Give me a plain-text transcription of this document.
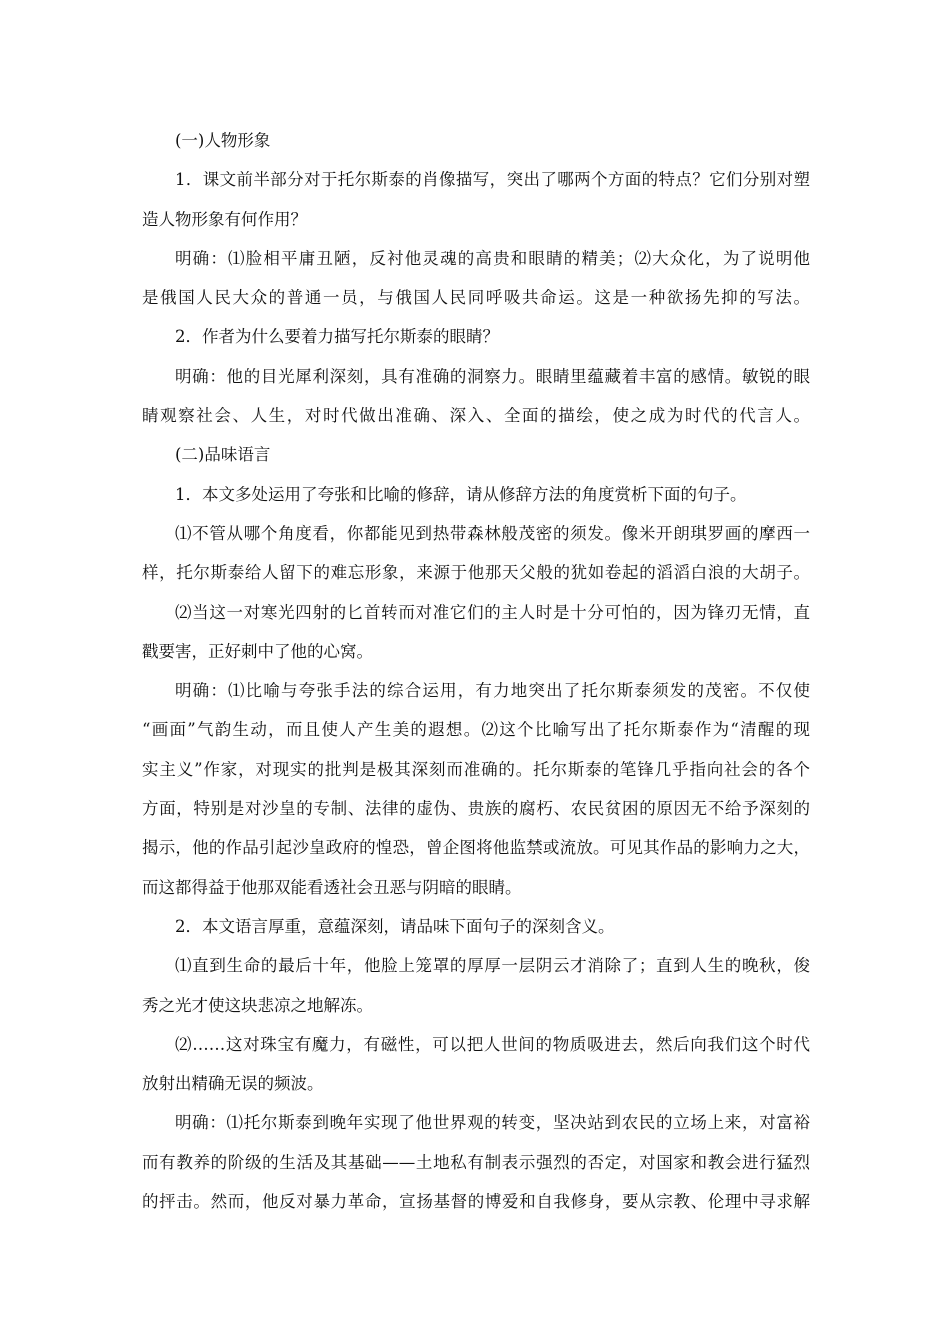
(一)人物形象
1．课文前半部分对于托尔斯泰的肖像描写，突出了哪两个方面的特点？它们分别对塑
造人物形象有何作用？
明确：⑴脸相平庸丑陋，反衬他灵魂的高贵和眼睛的精美；⑵大众化，为了说明他
是俄国人民大众的普通一员，与俄国人民同呼吸共命运。这是一种欲扬先抑的写法。
2．作者为什么要着力描写托尔斯泰的眼睛？
明确：他的目光犀利深刻，具有准确的洞察力。眼睛里蕴藏着丰富的感情。敏锐的眼
睛观察社会、人生，对时代做出准确、深入、全面的描绘，使之成为时代的代言人。
(二)品味语言
1．本文多处运用了夸张和比喻的修辞，请从修辞方法的角度赏析下面的句子。
⑴不管从哪个角度看，你都能见到热带森林般茂密的须发。像米开朗琪罗画的摩西一
样，托尔斯泰给人留下的难忘形象，来源于他那天父般的犹如卷起的滔滔白浪的大胡子。
⑵当这一对寒光四射的匕首转而对准它们的主人时是十分可怕的，因为锋刃无情，直
戳要害，正好刺中了他的心窝。
明确：⑴比喻与夸张手法的综合运用，有力地突出了托尔斯泰须发的茂密。不仅使
“画面”气韵生动，而且使人产生美的遐想。⑵这个比喻写出了托尔斯泰作为“清醒的现
实主义”作家，对现实的批判是极其深刻而准确的。托尔斯泰的笔锋几乎指向社会的各个
方面，特别是对沙皇的专制、法律的虚伪、贵族的腐朽、农民贫困的原因无不给予深刻的
揭示，他的作品引起沙皇政府的惶恐，曾企图将他监禁或流放。可见其作品的影响力之大，
而这都得益于他那双能看透社会丑恶与阴暗的眼睛。
2．本文语言厚重，意蕴深刻，请品味下面句子的深刻含义。
⑴直到生命的最后十年，他脸上笼罩的厚厚一层阴云才消除了；直到人生的晚秋，俊
秀之光才使这块悲凉之地解冻。
⑵……这对珠宝有魔力，有磁性，可以把人世间的物质吸进去，然后向我们这个时代
放射出精确无误的频波。
明确：⑴托尔斯泰到晚年实现了他世界观的转变，坚决站到农民的立场上来，对富裕
而有教养的阶级的生活及其基础——土地私有制表示强烈的否定，对国家和教会进行猛烈
的抨击。然而，他反对暴力革命，宣扬基督的博爱和自我修身，要从宗教、伦理中寻求解
